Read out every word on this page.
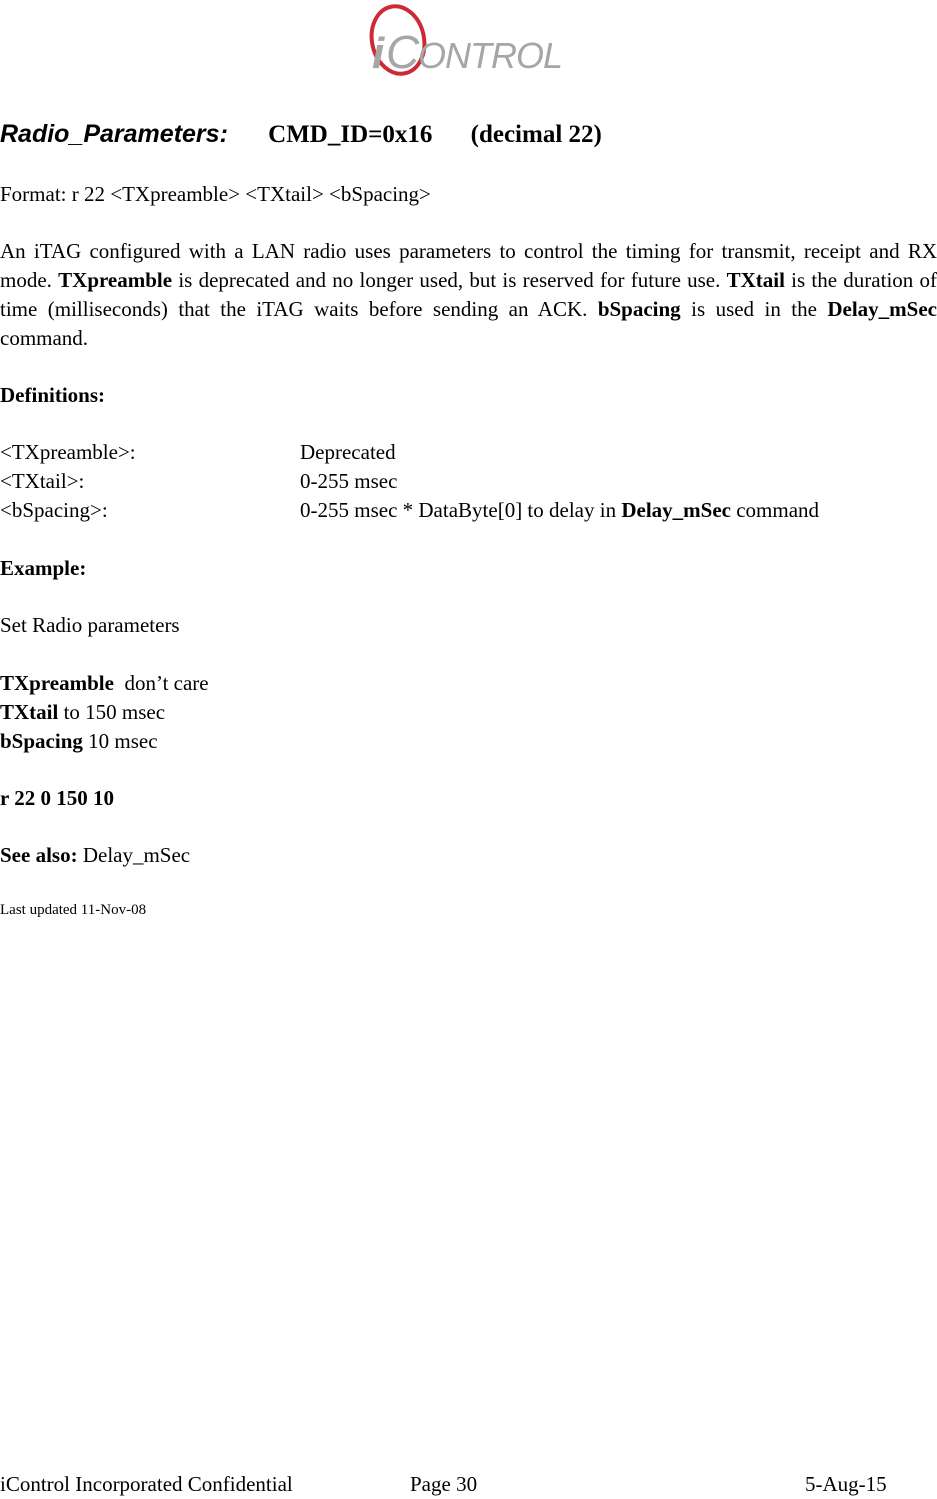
i C
ONTROL
Radio_Parameters: CMD_ID=0x16 (decimal 22)
Format: r 22 <TXpreamble> <TXtail> <bSpacing>
An iTAG configured with a LAN radio uses parameters to control the timing for transmit, receipt and RX mode. TXpreamble is deprecated and no longer used, but is reserved for future use. TXtail is the duration of time (milliseconds) that the iTAG waits before sending an ACK. bSpacing is used in the Delay_mSec command.
Definitions:
<TXpreamble>:	Deprecated
<TXtail>:	0-255 msec
<bSpacing>:	0-255 msec * DataByte[0] to delay in Delay_mSec command
Example:
Set Radio parameters
TXpreamble  don’t care
TXtail to 150 msec
bSpacing 10 msec
r 22 0 150 10
See also: Delay_mSec
Last updated 11-Nov-08
iControl Incorporated Confidential	Page 30	5-Aug-15
